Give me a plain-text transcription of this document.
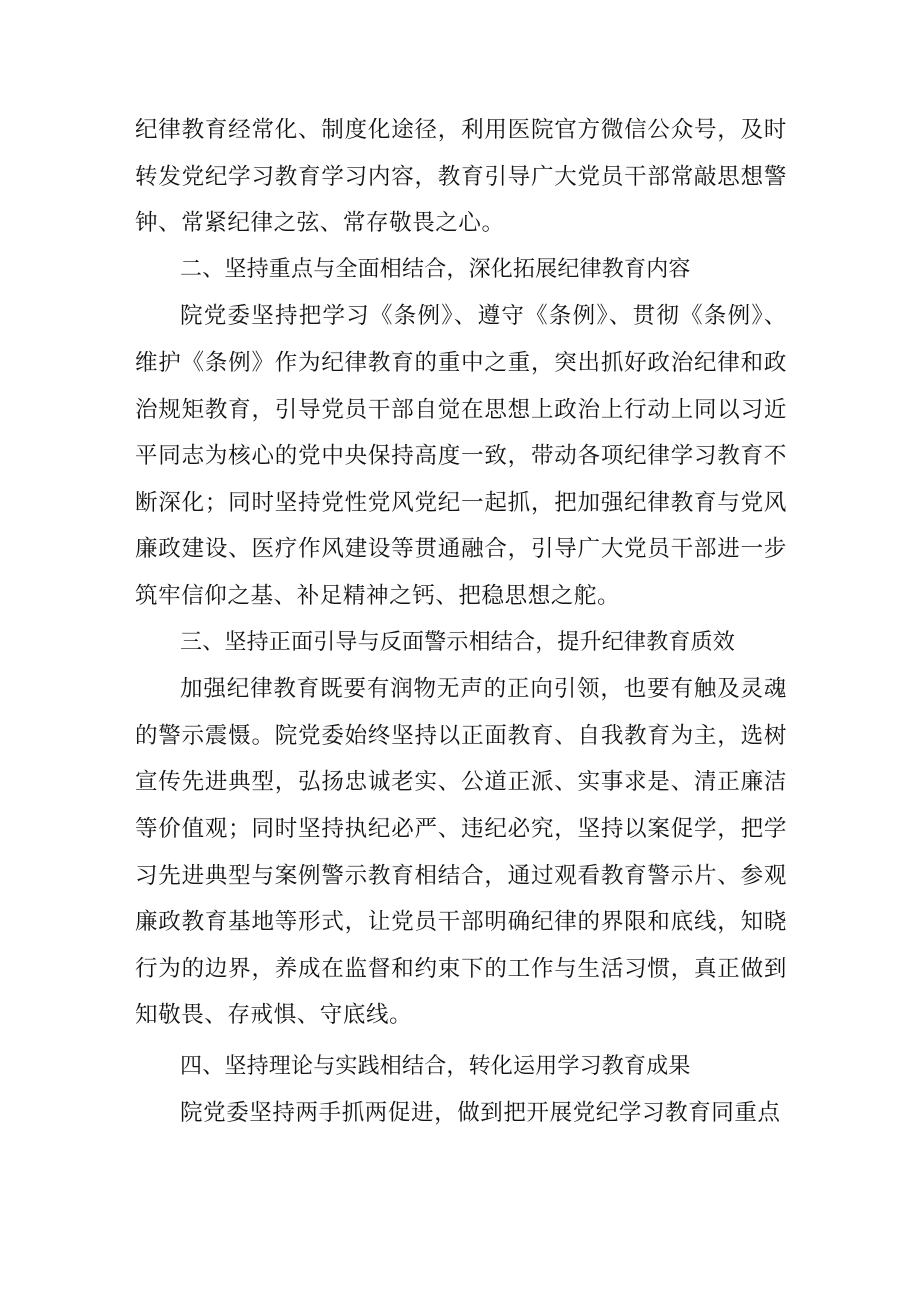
纪律教育经常化、制度化途径，利用医院官方微信公众号，及时转发党纪学习教育学习内容，教育引导广大党员干部常敲思想警钟、常紧纪律之弦、常存敬畏之心。

二、坚持重点与全面相结合，深化拓展纪律教育内容

院党委坚持把学习《条例》、遵守《条例》、贯彻《条例》、维护《条例》作为纪律教育的重中之重，突出抓好政治纪律和政治规矩教育，引导党员干部自觉在思想上政治上行动上同以习近平同志为核心的党中央保持高度一致，带动各项纪律学习教育不断深化；同时坚持党性党风党纪一起抓，把加强纪律教育与党风廉政建设、医疗作风建设等贯通融合，引导广大党员干部进一步筑牢信仰之基、补足精神之钙、把稳思想之舵。

三、坚持正面引导与反面警示相结合，提升纪律教育质效

加强纪律教育既要有润物无声的正向引领，也要有触及灵魂的警示震慑。院党委始终坚持以正面教育、自我教育为主，选树宣传先进典型，弘扬忠诚老实、公道正派、实事求是、清正廉洁等价值观；同时坚持执纪必严、违纪必究，坚持以案促学，把学习先进典型与案例警示教育相结合，通过观看教育警示片、参观廉政教育基地等形式，让党员干部明确纪律的界限和底线，知晓行为的边界，养成在监督和约束下的工作与生活习惯，真正做到知敬畏、存戒惧、守底线。

四、坚持理论与实践相结合，转化运用学习教育成果

院党委坚持两手抓两促进，做到把开展党纪学习教育同重点
